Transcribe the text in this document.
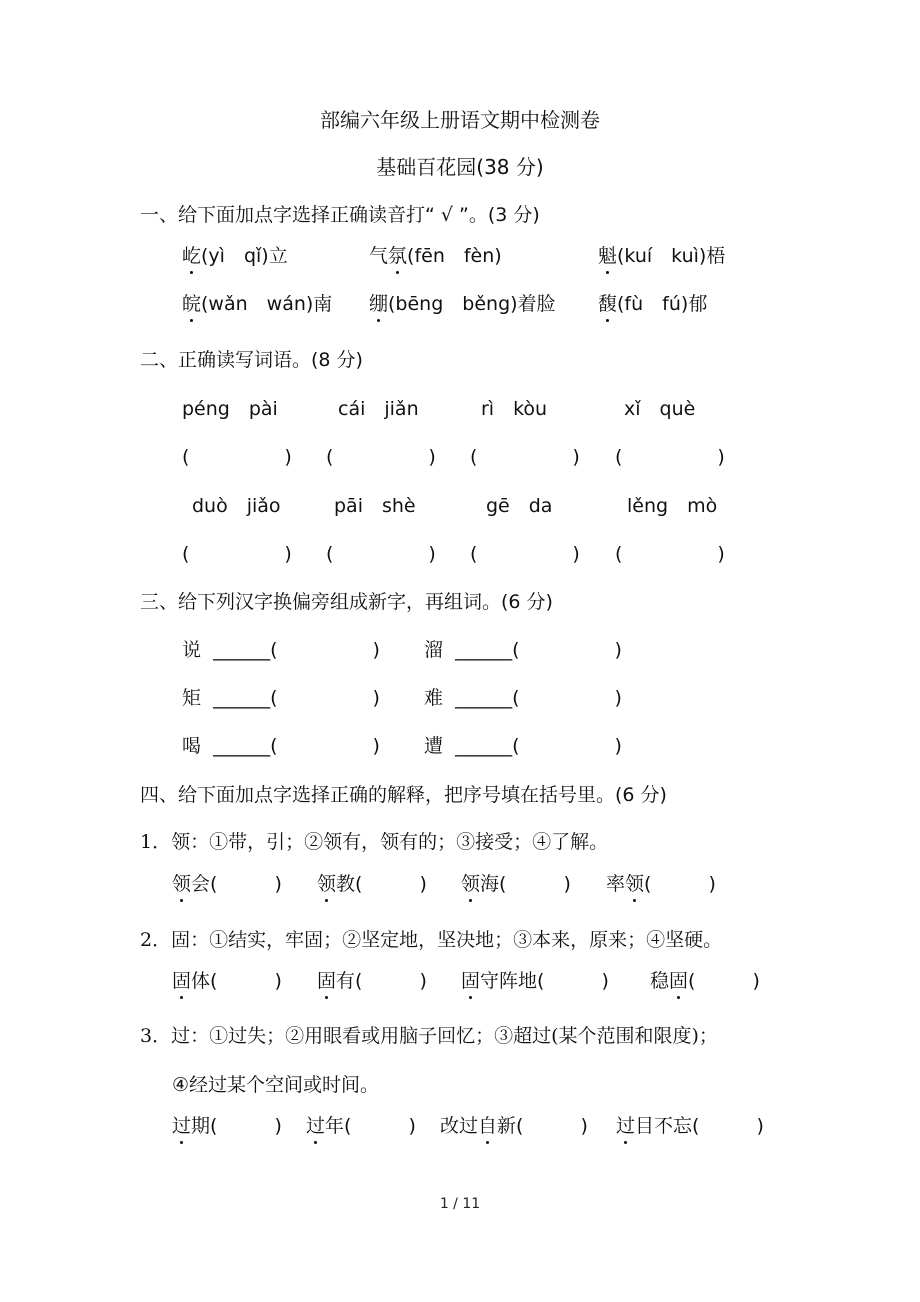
部编六年级上册语文期中检测卷
基础百花园(38 分)
一、给下面加点字选择正确读音打“ √ ”。(3 分)
屹(yì　qǐ)立	气氛(fēn　fèn)	魁(kuí　kuì)梧
皖(wǎn　wán)南 绷(bēng　běng)着脸 馥(fù　fú)郁
二、正确读写词语。(8 分)
péng　pài	cái　jiǎn	rì　kòu	xǐ　què
(　　　　　) (　　　　　) (　　　　　) (　　　　　)
duò　jiǎo	pāi　shè	gē　da	lěng　mò
(　　　　　) (　　　　　) (　　　　　) (　　　　　)
三、给下列汉字换偏旁组成新字，再组词。(6 分)
说 ______(　　　　　) 溜 ______(　　　　　)
矩 ______(　　　　　) 难 ______(　　　　　)
喝 ______(　　　　　) 遭 ______(　　　　　)
四、给下面加点字选择正确的解释，把序号填在括号里。(6 分)
1．领：①带，引；②领有，领有的；③接受；④了解。
领会(　　　) 领教(　　　) 领海(　　　) 率领(　　　)
2．固：①结实，牢固；②坚定地，坚决地；③本来，原来；④坚硬。
固体(　　　) 固有(　　　) 固守阵地(　　　) 稳固(　　　)
3．过：①过失；②用眼看或用脑子回忆；③超过(某个范围和限度)；
④经过某个空间或时间。
过期(　　　) 过年(　　　) 改过自新(　　　) 过目不忘(　　　)
1 / 11
